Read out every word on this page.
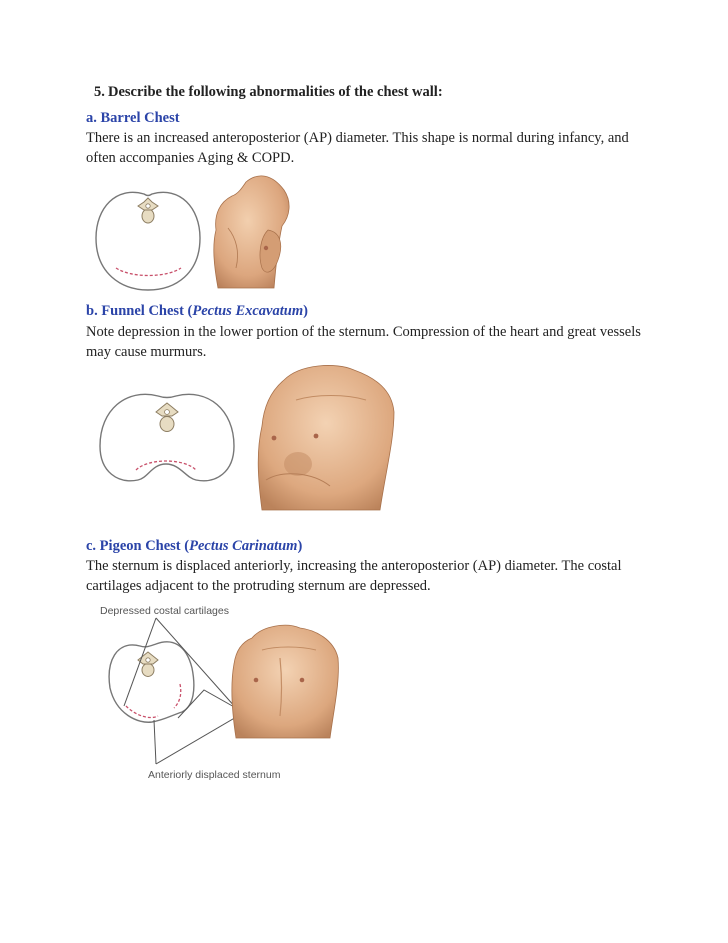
5. Describe the following abnormalities of the chest wall:
a. Barrel Chest
There is an increased anteroposterior (AP) diameter. This shape is normal during infancy, and
often accompanies Aging & COPD.
b. Funnel Chest (Pectus Excavatum)
Note depression in the lower portion of the sternum. Compression of the heart and great vessels
may cause murmurs.
c. Pigeon Chest (Pectus Carinatum)
The sternum is displaced anteriorly, increasing the anteroposterior (AP) diameter. The costal
cartilages adjacent to the protruding sternum are depressed.
Depressed costal cartilages
Anteriorly displaced sternum
